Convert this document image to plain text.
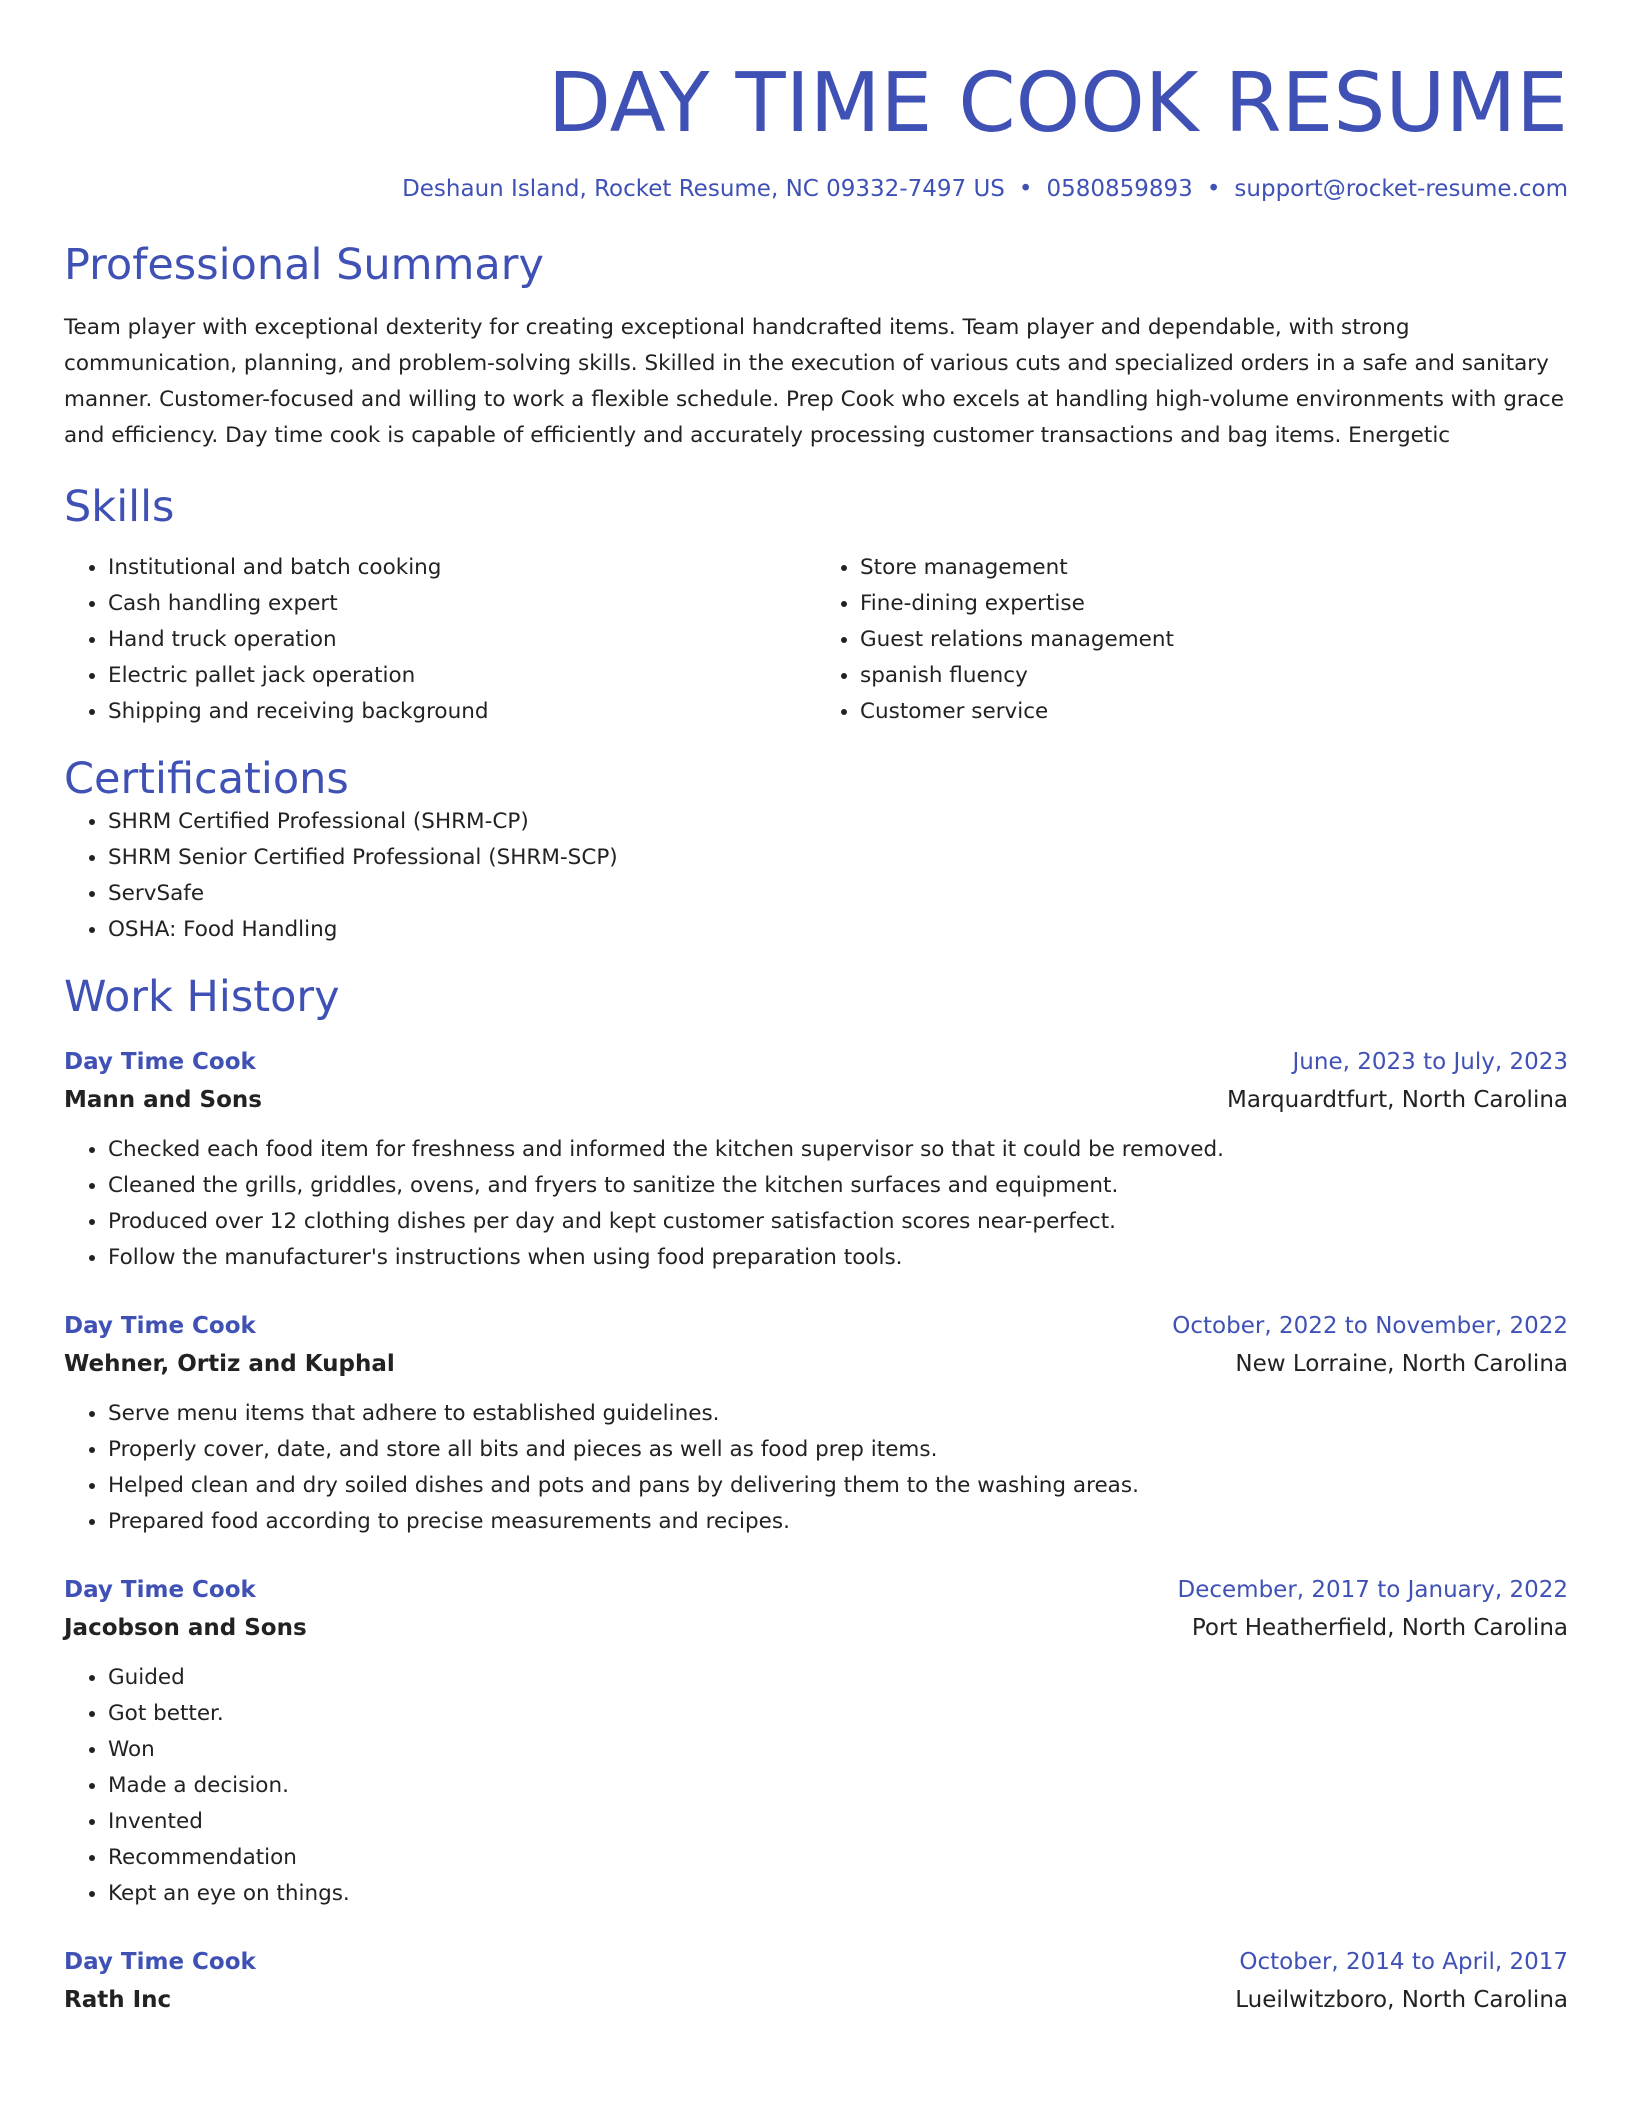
DAY TIME COOK RESUME
Deshaun Island, Rocket Resume, NC 09332-7497 US • 0580859893 • support@rocket-resume.com
Professional Summary
Team player with exceptional dexterity for creating exceptional handcrafted items. Team player and dependable, with strong communication, planning, and problem-solving skills. Skilled in the execution of various cuts and specialized orders in a safe and sanitary manner. Customer-focused and willing to work a flexible schedule. Prep Cook who excels at handling high-volume environments with grace and efficiency. Day time cook is capable of efficiently and accurately processing customer transactions and bag items. Energetic
Skills
• Institutional and batch cooking
• Cash handling expert
• Hand truck operation
• Electric pallet jack operation
• Shipping and receiving background
• Store management
• Fine-dining expertise
• Guest relations management
• spanish fluency
• Customer service
Certifications
• SHRM Certified Professional (SHRM-CP)
• SHRM Senior Certified Professional (SHRM-SCP)
• ServSafe
• OSHA: Food Handling
Work History
Day Time Cook	June, 2023 to July, 2023
Mann and Sons	Marquardtfurt, North Carolina
• Checked each food item for freshness and informed the kitchen supervisor so that it could be removed.
• Cleaned the grills, griddles, ovens, and fryers to sanitize the kitchen surfaces and equipment.
• Produced over 12 clothing dishes per day and kept customer satisfaction scores near-perfect.
• Follow the manufacturer's instructions when using food preparation tools.
Day Time Cook	October, 2022 to November, 2022
Wehner, Ortiz and Kuphal	New Lorraine, North Carolina
• Serve menu items that adhere to established guidelines.
• Properly cover, date, and store all bits and pieces as well as food prep items.
• Helped clean and dry soiled dishes and pots and pans by delivering them to the washing areas.
• Prepared food according to precise measurements and recipes.
Day Time Cook	December, 2017 to January, 2022
Jacobson and Sons	Port Heatherfield, North Carolina
• Guided
• Got better.
• Won
• Made a decision.
• Invented
• Recommendation
• Kept an eye on things.
Day Time Cook	October, 2014 to April, 2017
Rath Inc	Lueilwitzboro, North Carolina
